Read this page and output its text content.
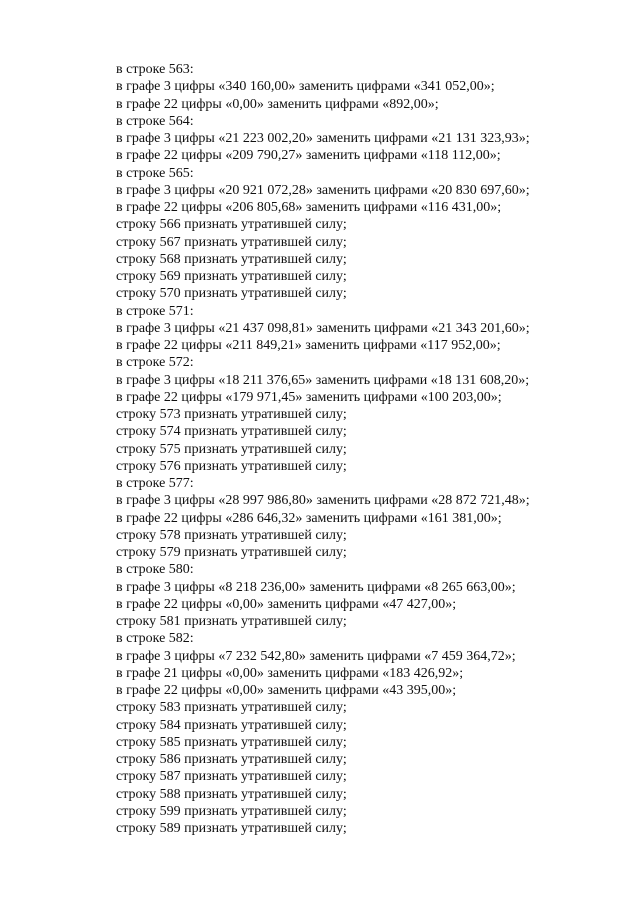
в строке 563:
в графе 3 цифры «340 160,00» заменить цифрами «341 052,00»;
в графе 22 цифры «0,00» заменить цифрами «892,00»;
в строке 564:
в графе 3 цифры «21 223 002,20» заменить цифрами «21 131 323,93»;
в графе 22 цифры «209 790,27» заменить цифрами «118 112,00»;
в строке 565:
в графе 3 цифры «20 921 072,28» заменить цифрами «20 830 697,60»;
в графе 22 цифры «206 805,68» заменить цифрами «116 431,00»;
строку 566 признать утратившей силу;
строку 567 признать утратившей силу;
строку 568 признать утратившей силу;
строку 569 признать утратившей силу;
строку 570 признать утратившей силу;
в строке 571:
в графе 3 цифры «21 437 098,81» заменить цифрами «21 343 201,60»;
в графе 22 цифры «211 849,21» заменить цифрами «117 952,00»;
в строке 572:
в графе 3 цифры «18 211 376,65» заменить цифрами «18 131 608,20»;
в графе 22 цифры «179 971,45» заменить цифрами «100 203,00»;
строку 573 признать утратившей силу;
строку 574 признать утратившей силу;
строку 575 признать утратившей силу;
строку 576 признать утратившей силу;
в строке 577:
в графе 3 цифры «28 997 986,80» заменить цифрами «28 872 721,48»;
в графе 22 цифры «286 646,32» заменить цифрами «161 381,00»;
строку 578 признать утратившей силу;
строку 579 признать утратившей силу;
в строке 580:
в графе 3 цифры «8 218 236,00» заменить цифрами «8 265 663,00»;
в графе 22 цифры «0,00» заменить цифрами «47 427,00»;
строку 581 признать утратившей силу;
в строке 582:
в графе 3 цифры «7 232 542,80» заменить цифрами «7 459 364,72»;
в графе 21 цифры «0,00» заменить цифрами «183 426,92»;
в графе 22 цифры «0,00» заменить цифрами «43 395,00»;
строку 583 признать утратившей силу;
строку 584 признать утратившей силу;
строку 585 признать утратившей силу;
строку 586 признать утратившей силу;
строку 587 признать утратившей силу;
строку 588 признать утратившей силу;
строку 599 признать утратившей силу;
строку 589 признать утратившей силу;
